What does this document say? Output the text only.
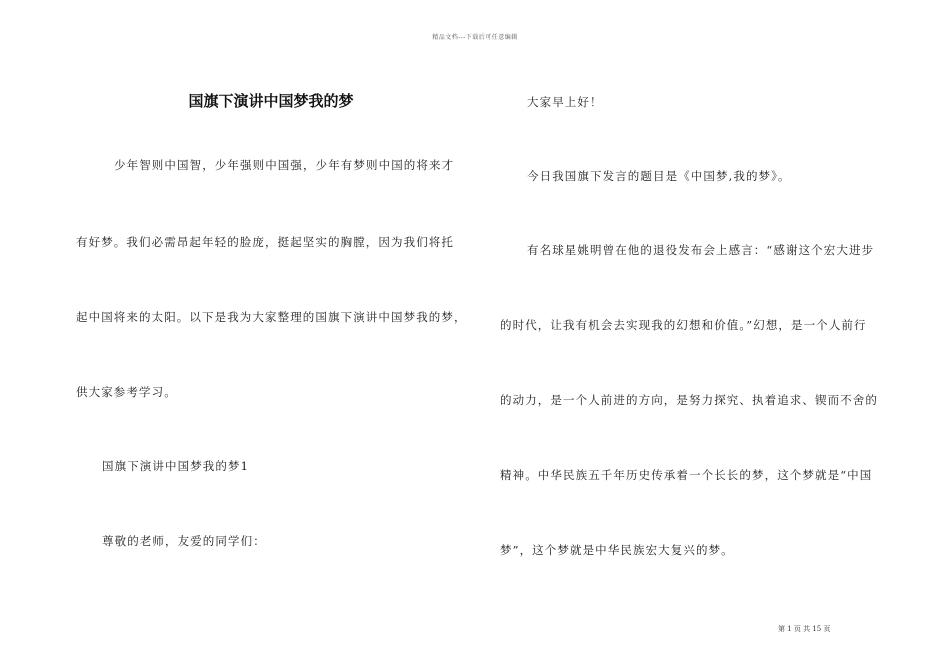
精品文档---下载后可任意编辑
国旗下演讲中国梦我的梦
少年智则中国智，少年强则中国强，少年有梦则中国的将来才
有好梦。我们必需昂起年轻的脸庞，挺起坚实的胸膛，因为我们将托
起中国将来的太阳。以下是我为大家整理的国旗下演讲中国梦我的梦，
供大家参考学习。
国旗下演讲中国梦我的梦1
尊敬的老师，友爱的同学们：
大家早上好！
今日我国旗下发言的题目是《中国梦,我的梦》。
有名球星姚明曾在他的退役发布会上感言：“感谢这个宏大进步
的时代，让我有机会去实现我的幻想和价值。”幻想，是一个人前行
的动力，是一个人前进的方向，是努力探究、执着追求、锲而不舍的
精神。中华民族五千年历史传承着一个长长的梦，这个梦就是“中国
梦”，这个梦就是中华民族宏大复兴的梦。
第 1 页 共 15 页
